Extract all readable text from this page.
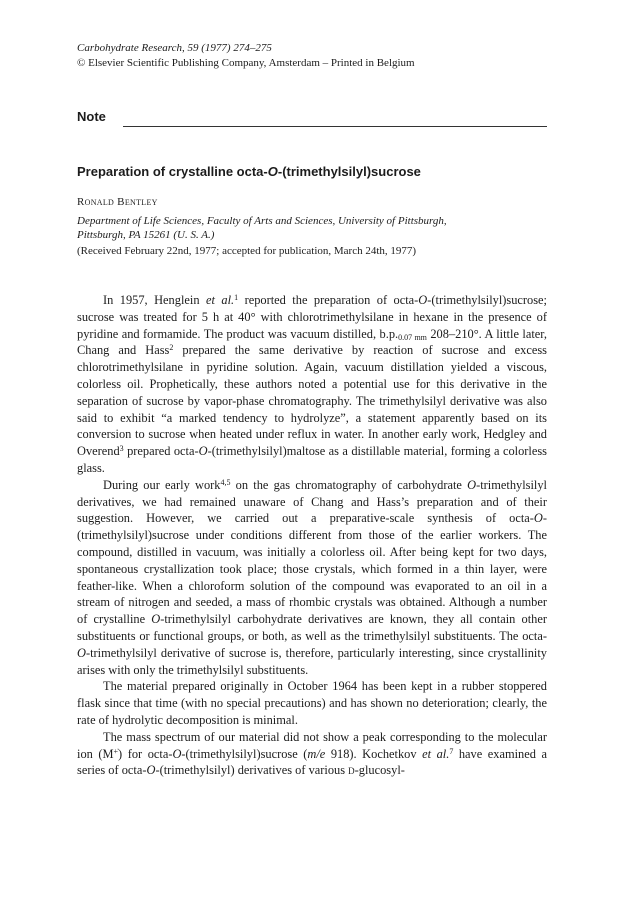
Carbohydrate Research, 59 (1977) 274–275
© Elsevier Scientific Publishing Company, Amsterdam – Printed in Belgium
Note
Preparation of crystalline octa-O-(trimethylsilyl)sucrose
Ronald Bentley
Department of Life Sciences, Faculty of Arts and Sciences, University of Pittsburgh,
Pittsburgh, PA 15261 (U. S. A.)
(Received February 22nd, 1977; accepted for publication, March 24th, 1977)

In 1957, Henglein et al.$^1$ reported the preparation of octa-O-(trimethylsilyl)sucrose; sucrose was treated for 5 h at 40° with chlorotrimethylsilane in hexane in the presence of pyridine and formamide. The product was vacuum distilled, $b.p._{0.07 mm}$ 208–210°. A little later, Chang and Hass$^2$ prepared the same derivative by reaction of sucrose and excess chlorotrimethylsilane in pyridine solution. Again, vacuum distillation yielded a viscous, colorless oil. Prophetically, these authors noted a potential use for this derivative in the separation of sucrose by vapor-phase chromatography. The trimethylsilyl derivative was also said to exhibit “a marked tendency to hydrolyze”, a statement apparently based on its conversion to sucrose when heated under reflux in water. In another early work, Hedgley and Overend$^3$ prepared octa-O-(trimethylsilyl)maltose as a distillable material, forming a colorless glass.

During our early work$^{4,5}$ on the gas chromatography of carbohydrate O-trimethylsilyl derivatives, we had remained unaware of Chang and Hass’s preparation and of their suggestion. However, we carried out a preparative-scale synthesis of octa-O-(trimethylsilyl)sucrose under conditions different from those of the earlier workers. The compound, distilled in vacuum, was initially a colorless oil. After being kept for two days, spontaneous crystallization took place; those crystals, which formed in a thin layer, were feather-like. When a chloroform solution of the compound was evaporated to an oil in a stream of nitrogen and seeded, a mass of rhombic crystals was obtained. Although a number of crystalline O-trimethylsilyl carbohydrate derivatives are known, they all contain other substituents or functional groups, or both, as well as the trimethylsilyl substituents. The octa-O-trimethylsilyl derivative of sucrose is, therefore, particularly interesting, since crystallinity arises with only the trimethylsilyl substituents.

The material prepared originally in October 1964 has been kept in a rubber stoppered flask since that time (with no special precautions) and has shown no deterioration; clearly, the rate of hydrolytic decomposition is minimal.

The mass spectrum of our material did not show a peak corresponding to the molecular ion (M+̇) for octa-O-(trimethylsilyl)sucrose (m/e 918). Kochetkov et al.$^7$ have examined a series of octa-O-(trimethylsilyl) derivatives of various d-glucosyl-
